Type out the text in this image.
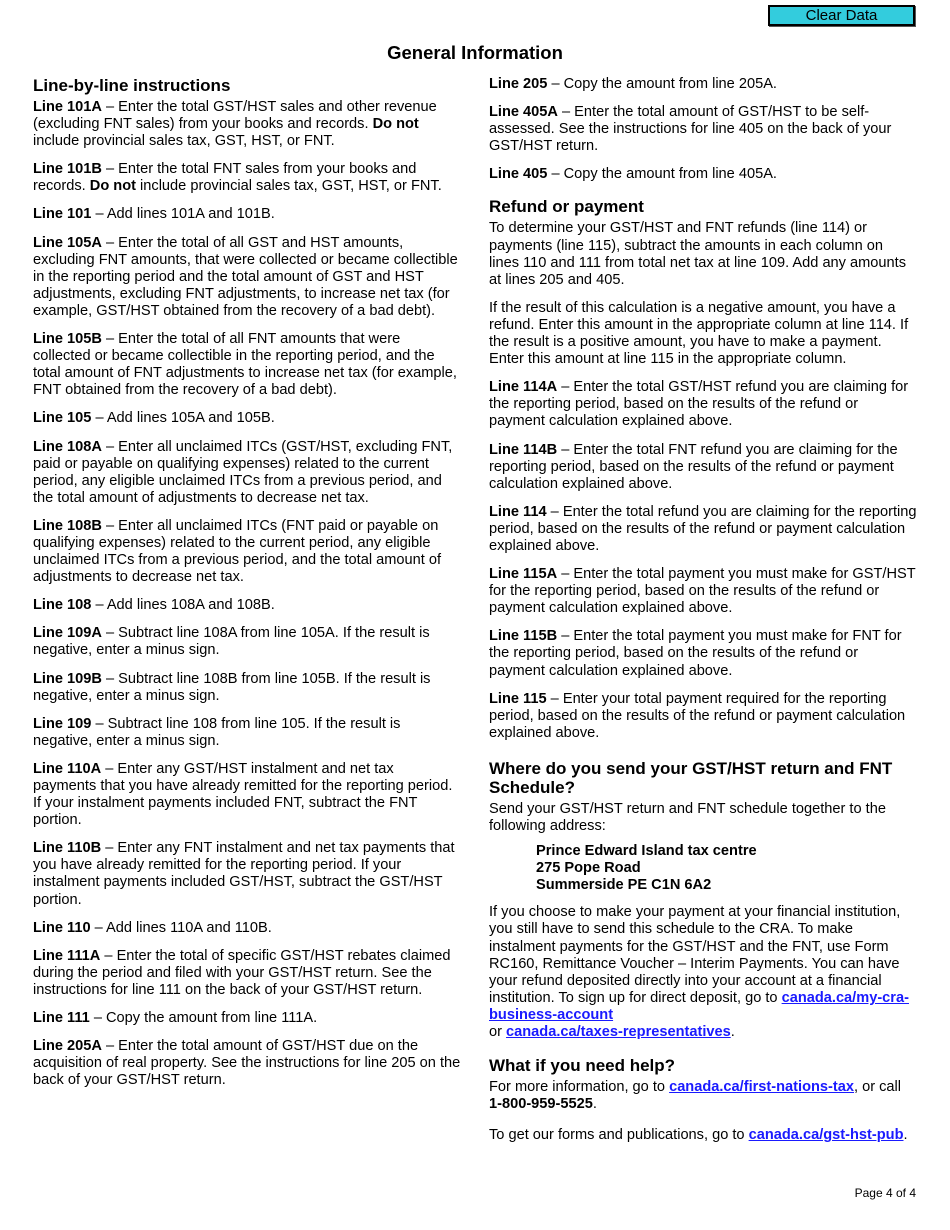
Clear Data
General Information
Line-by-line instructions

Line 101A – Enter the total GST/HST sales and other revenue (excluding FNT sales) from your books and records. Do not include provincial sales tax, GST, HST, or FNT.

Line 101B – Enter the total FNT sales from your books and records. Do not include provincial sales tax, GST, HST, or FNT.

Line 101 – Add lines 101A and 101B.

Line 105A – Enter the total of all GST and HST amounts, excluding FNT amounts, that were collected or became collectible in the reporting period and the total amount of GST and HST adjustments, excluding FNT adjustments, to increase net tax (for example, GST/HST obtained from the recovery of a bad debt).

Line 105B – Enter the total of all FNT amounts that were collected or became collectible in the reporting period, and the total amount of FNT adjustments to increase net tax (for example, FNT obtained from the recovery of a bad debt).

Line 105 – Add lines 105A and 105B.

Line 108A – Enter all unclaimed ITCs (GST/HST, excluding FNT, paid or payable on qualifying expenses) related to the current period, any eligible unclaimed ITCs from a previous period, and the total amount of adjustments to decrease net tax.

Line 108B – Enter all unclaimed ITCs (FNT paid or payable on qualifying expenses) related to the current period, any eligible unclaimed ITCs from a previous period, and the total amount of adjustments to decrease net tax.

Line 108 – Add lines 108A and 108B.

Line 109A – Subtract line 108A from line 105A. If the result is negative, enter a minus sign.

Line 109B – Subtract line 108B from line 105B. If the result is negative, enter a minus sign.

Line 109 – Subtract line 108 from line 105. If the result is negative, enter a minus sign.

Line 110A – Enter any GST/HST instalment and net tax payments that you have already remitted for the reporting period. If your instalment payments included FNT, subtract the FNT portion.

Line 110B – Enter any FNT instalment and net tax payments that you have already remitted for the reporting period. If your instalment payments included GST/HST, subtract the GST/HST portion.

Line 110 – Add lines 110A and 110B.

Line 111A – Enter the total of specific GST/HST rebates claimed during the period and filed with your GST/HST return. See the instructions for line 111 on the back of your GST/HST return.

Line 111 – Copy the amount from line 111A.

Line 205A – Enter the total amount of GST/HST due on the acquisition of real property. See the instructions for line 205 on the back of your GST/HST return.

Line 205 – Copy the amount from line 205A.

Line 405A – Enter the total amount of GST/HST to be self-assessed. See the instructions for line 405 on the back of your GST/HST return.

Line 405 – Copy the amount from line 405A.

Refund or payment

To determine your GST/HST and FNT refunds (line 114) or payments (line 115), subtract the amounts in each column on lines 110 and 111 from total net tax at line 109. Add any amounts at lines 205 and 405.

If the result of this calculation is a negative amount, you have a refund. Enter this amount in the appropriate column at line 114. If the result is a positive amount, you have to make a payment. Enter this amount at line 115 in the appropriate column.

Line 114A – Enter the total GST/HST refund you are claiming for the reporting period, based on the results of the refund or payment calculation explained above.

Line 114B – Enter the total FNT refund you are claiming for the reporting period, based on the results of the refund or payment calculation explained above.

Line 114 – Enter the total refund you are claiming for the reporting period, based on the results of the refund or payment calculation explained above.

Line 115A – Enter the total payment you must make for GST/HST for the reporting period, based on the results of the refund or payment calculation explained above.

Line 115B – Enter the total payment you must make for FNT for the reporting period, based on the results of the refund or payment calculation explained above.

Line 115 – Enter your total payment required for the reporting period, based on the results of the refund or payment calculation explained above.

Where do you send your GST/HST return and FNT Schedule?

Send your GST/HST return and FNT schedule together to the following address:

Prince Edward Island tax centre
275 Pope Road
Summerside PE C1N 6A2

If you choose to make your payment at your financial institution, you still have to send this schedule to the CRA. To make instalment payments for the GST/HST and the FNT, use Form RC160, Remittance Voucher – Interim Payments. You can have your refund deposited directly into your account at a financial institution. To sign up for direct deposit, go to canada.ca/my-cra-business-account
or canada.ca/taxes-representatives.

What if you need help?

For more information, go to canada.ca/first-nations-tax, or call 1-800-959-5525.

To get our forms and publications, go to canada.ca/gst-hst-pub.

Page 4 of 4
